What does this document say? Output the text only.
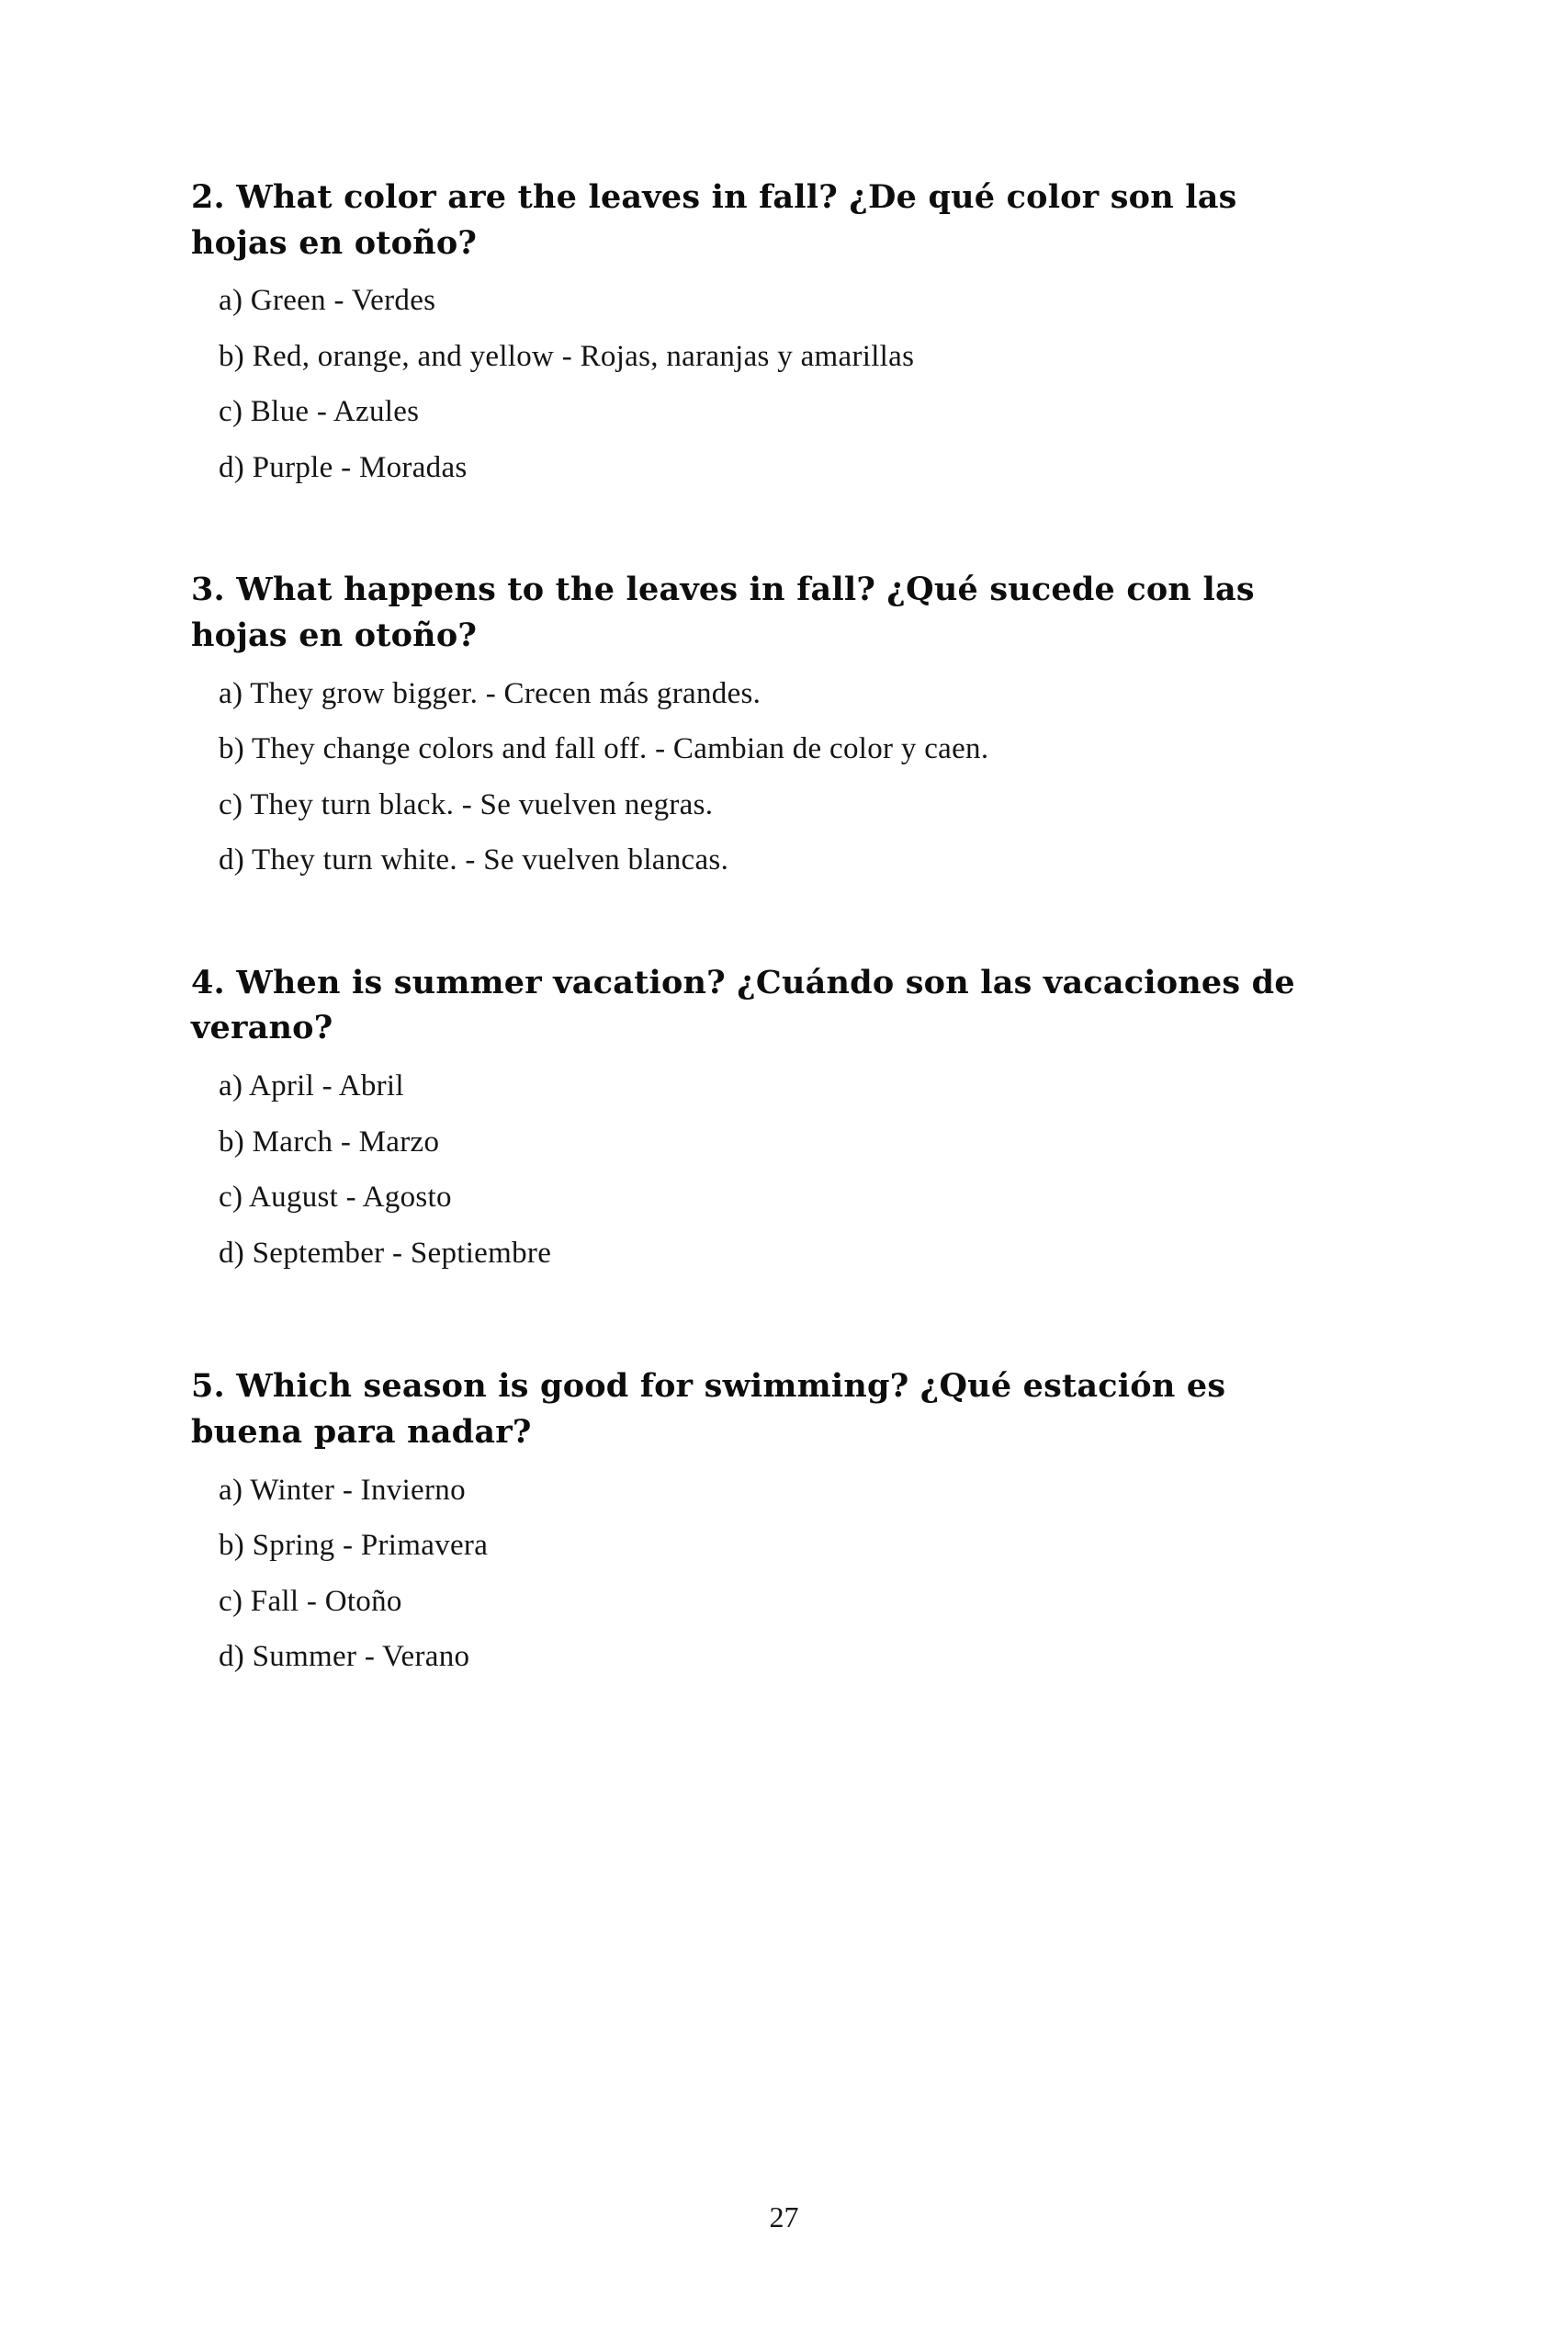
2. What color are the leaves in fall? ¿De qué color son las hojas en otoño?

a) Green - Verdes
b) Red, orange, and yellow - Rojas, naranjas y amarillas
c) Blue - Azules
d) Purple - Moradas

3. What happens to the leaves in fall? ¿Qué sucede con las hojas en otoño?

a) They grow bigger. - Crecen más grandes.
b) They change colors and fall off. - Cambian de color y caen.
c) They turn black. - Se vuelven negras.
d) They turn white. - Se vuelven blancas.

4. When is summer vacation? ¿Cuándo son las vacaciones de verano?

a) April - Abril
b) March - Marzo
c) August - Agosto
d) September - Septiembre

5. Which season is good for swimming? ¿Qué estación es buena para nadar?

a) Winter - Invierno
b) Spring - Primavera
c) Fall - Otoño
d) Summer - Verano
27
